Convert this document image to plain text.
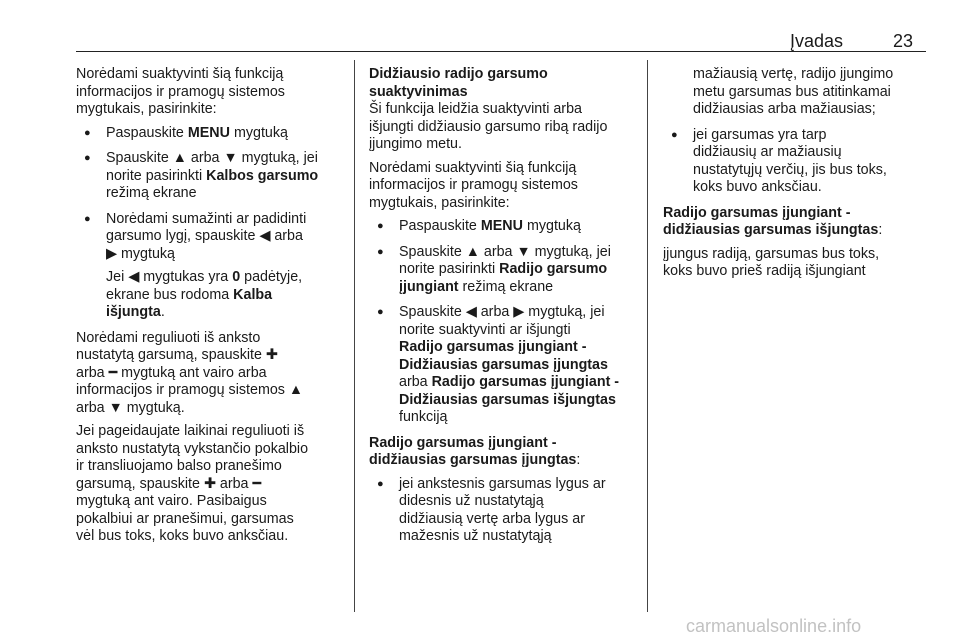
Įvadas	23

Norėdami suaktyvinti šią funkciją
informacijos ir pramogų sistemos
mygtukais, pasirinkite:

● Paspauskite MENU mygtuką
● Spauskite ▲ arba ▼ mygtuką, jei
norite pasirinkti Kalbos garsumo
režimą ekrane
● Norėdami sumažinti ar padidinti
garsumo lygį, spauskite ◀ arba
▶ mygtuką
Jei ◀ mygtukas yra 0 padėtyje,
ekrane bus rodoma Kalba
išjungta.

Norėdami reguliuoti iš anksto
nustatytą garsumą, spauskite ✚
arba ━ mygtuką ant vairo arba
informacijos ir pramogų sistemos ▲
arba ▼ mygtuką.

Jei pageidaujate laikinai reguliuoti iš
anksto nustatytą vykstančio pokalbio
ir transliuojamo balso pranešimo
garsumą, spauskite ✚ arba ━
mygtuką ant vairo. Pasibaigus
pokalbiui ar pranešimui, garsumas
vėl bus toks, koks buvo anksčiau.

Didžiausio radijo garsumo
suaktyvinimas

Ši funkcija leidžia suaktyvinti arba
išjungti didžiausio garsumo ribą radijo
įjungimo metu.

Norėdami suaktyvinti šią funkciją
informacijos ir pramogų sistemos
mygtukais, pasirinkite:

● Paspauskite MENU mygtuką
● Spauskite ▲ arba ▼ mygtuką, jei
norite pasirinkti Radijo garsumo
įjungiant režimą ekrane
● Spauskite ◀ arba ▶ mygtuką, jei
norite suaktyvinti ar išjungti
Radijo garsumas įjungiant -
Didžiausias garsumas įjungtas
arba Radijo garsumas įjungiant -
Didžiausias garsumas išjungtas
funkciją

Radijo garsumas įjungiant -
didžiausias garsumas įjungtas:

● jei ankstesnis garsumas lygus ar
didesnis už nustatytąją
didžiausią vertę arba lygus ar
mažesnis už nustatytąją
mažiausią vertę, radijo įjungimo
metu garsumas bus atitinkamai
didžiausias arba mažiausias;
● jei garsumas yra tarp
didžiausių ar mažiausių
nustatytųjų verčių, jis bus toks,
koks buvo anksčiau.

Radijo garsumas įjungiant -
didžiausias garsumas išjungtas:

įjungus radiją, garsumas bus toks,
koks buvo prieš radiją išjungiant

carmanualsonline.info
